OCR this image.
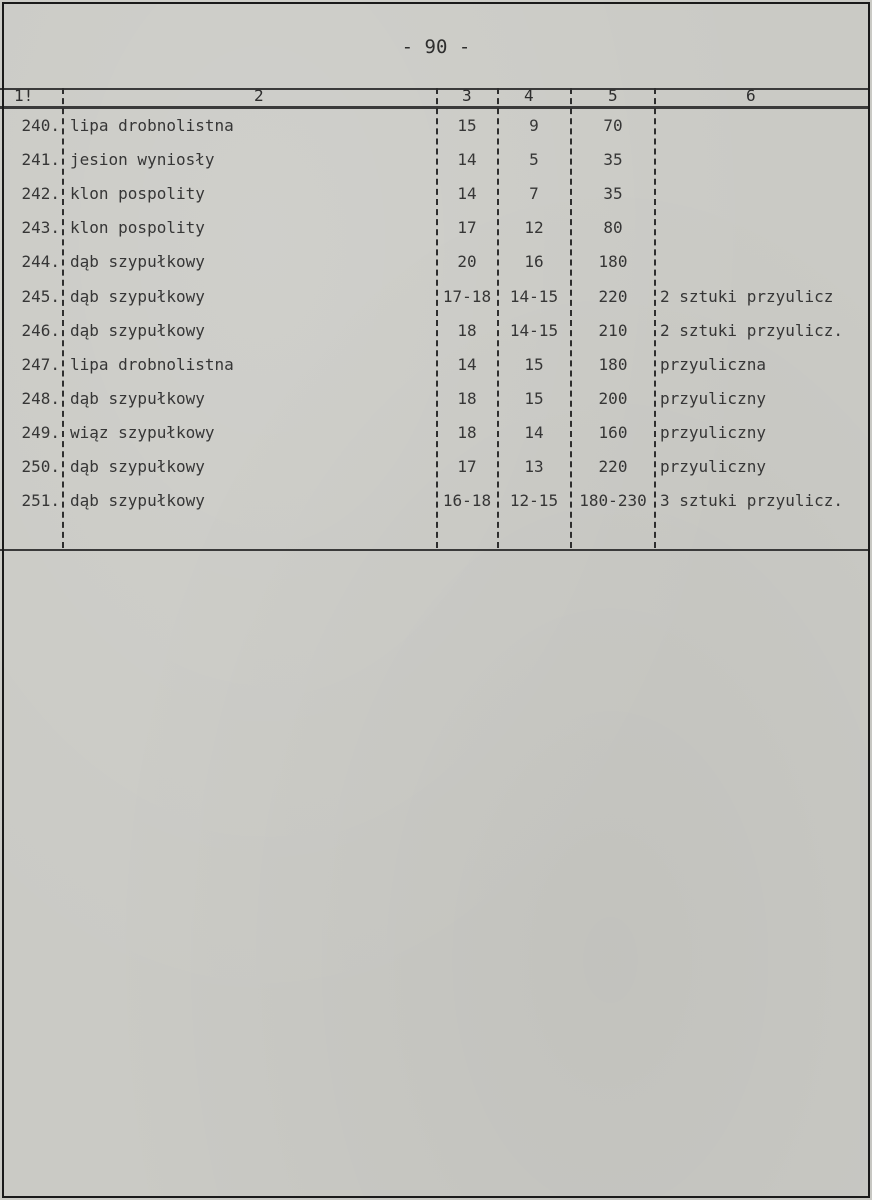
- 90 -
1!	2	3	4	5	6
240. lipa drobnolistna	15	9	70
241. jesion wyniosły	14	5	35
242. klon pospolity	14	7	35
243. klon pospolity	17	12	80
244. dąb szypułkowy	20	16	180
245. dąb szypułkowy	17-18	14-15	220	2 sztuki przyulicz
246. dąb szypułkowy	18	14-15	210	2 sztuki przyulicz.
247. lipa drobnolistna	14	15	180	przyuliczna
248. dąb szypułkowy	18	15	200	przyuliczny
249. wiąz szypułkowy	18	14	160	przyuliczny
250. dąb szypułkowy	17	13	220	przyuliczny
251. dąb szypułkowy	16-18	12-15	180-230 3 sztuki przyulicz.
